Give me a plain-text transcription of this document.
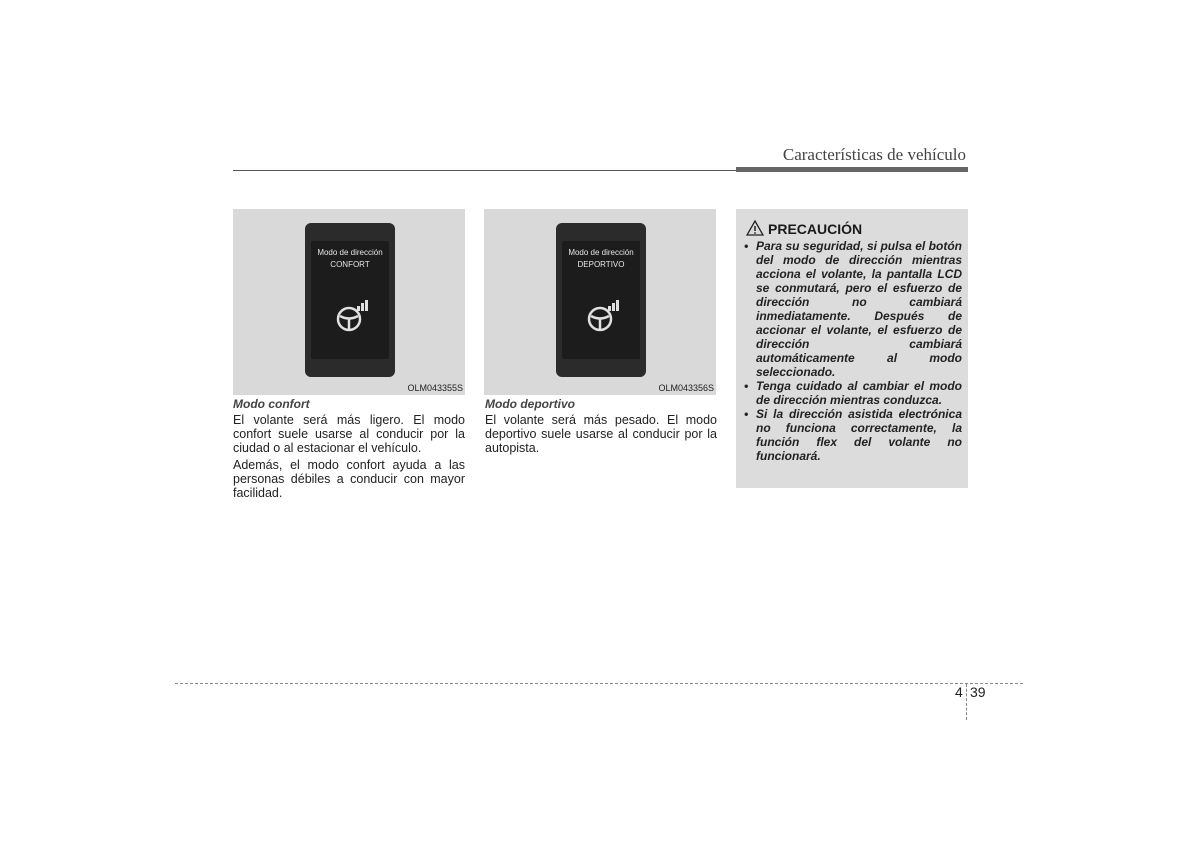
Características de vehículo
Modo de dirección
CONFORT
OLM043355S
Modo de dirección
DEPORTIVO
OLM043356S
Modo confort
El volante será más ligero. El modo confort suele usarse al conducir por la ciudad o al estacionar el vehículo.
Además, el modo confort ayuda a las personas débiles a conducir con mayor facilidad.
Modo deportivo
El volante será más pesado. El modo deportivo suele usarse al conducir por la autopista.
PRECAUCIÓN
• Para su seguridad, si pulsa el botón del modo de dirección mientras acciona el volante, la pantalla LCD se conmutará, pero el esfuerzo de dirección no cambiará inmediatamente. Después de accionar el volante, el esfuerzo de dirección cambiará automáticamente al modo seleccionado.
• Tenga cuidado al cambiar el modo de dirección mientras conduzca.
• Si la dirección asistida electrónica no funciona correctamente, la función flex del volante no funcionará.
4 39
